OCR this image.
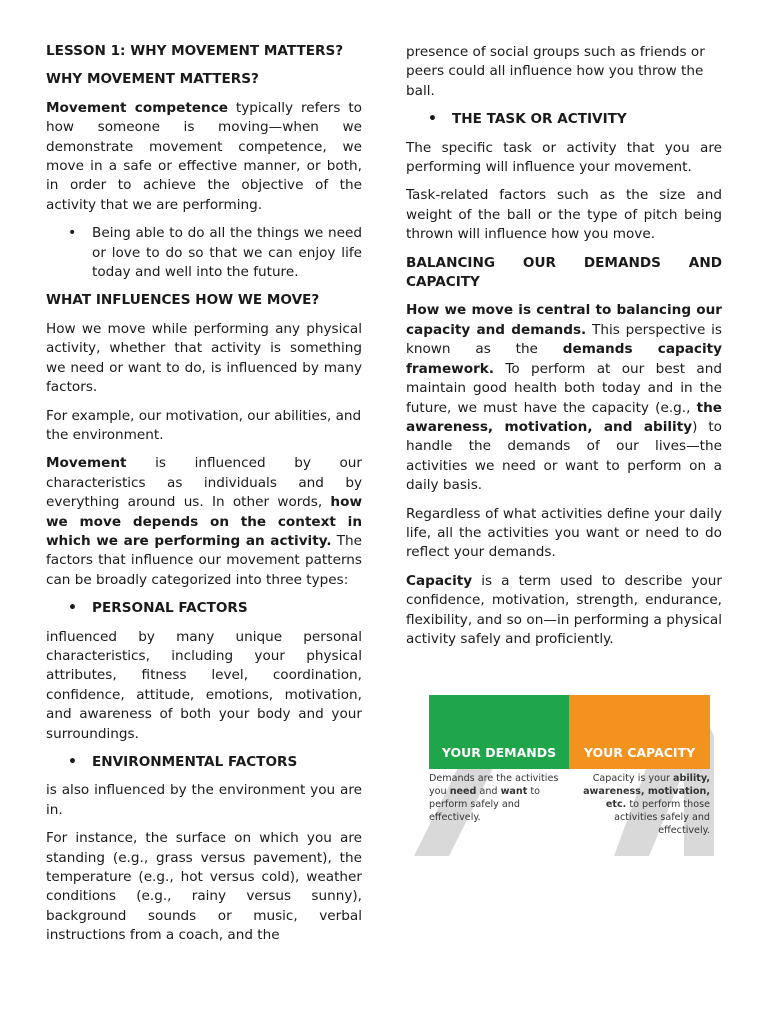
LESSON 1: WHY MOVEMENT MATTERS?
WHY MOVEMENT MATTERS?

Movement competence typically refers to how someone is moving—when we demonstrate movement competence, we move in a safe or effective manner, or both, in order to achieve the objective of the activity that we are performing.

• Being able to do all the things we need or love to do so that we can enjoy life today and well into the future.
WHAT INFLUENCES HOW WE MOVE?

How we move while performing any physical activity, whether that activity is something we need or want to do, is influenced by many factors.

For example, our motivation, our abilities, and the environment.

Movement is influenced by our characteristics as individuals and by everything around us. In other words, how we move depends on the context in which we are performing an activity. The factors that influence our movement patterns can be broadly categorized into three types:

• PERSONAL FACTORS

influenced by many unique personal characteristics, including your physical attributes, fitness level, coordination, confidence, attitude, emotions, motivation, and awareness of both your body and your surroundings.

• ENVIRONMENTAL FACTORS

is also influenced by the environment you are in.

For instance, the surface on which you are standing (e.g., grass versus pavement), the temperature (e.g., hot versus cold), weather conditions (e.g., rainy versus sunny), background sounds or music, verbal instructions from a coach, and the

presence of social groups such as friends or peers could all influence how you throw the ball.

• THE TASK OR ACTIVITY

The specific task or activity that you are performing will influence your movement.

Task-related factors such as the size and weight of the ball or the type of pitch being thrown will influence how you move.

BALANCING OUR DEMANDS AND CAPACITY

How we move is central to balancing our capacity and demands. This perspective is known as the demands capacity framework. To perform at our best and maintain good health both today and in the future, we must have the capacity (e.g., the awareness, motivation, and ability) to handle the demands of our lives—the activities we need or want to perform on a daily basis.

Regardless of what activities define your daily life, all the activities you want or need to do reflect your demands.

Capacity is a term used to describe your confidence, motivation, strength, endurance, flexibility, and so on—in performing a physical activity safely and proficiently.

YOUR DEMANDS	YOUR CAPACITY
Demands are the activities you need and want to perform safely and effectively.
Capacity is your ability, awareness, motivation, etc. to perform those activities safely and effectively.
